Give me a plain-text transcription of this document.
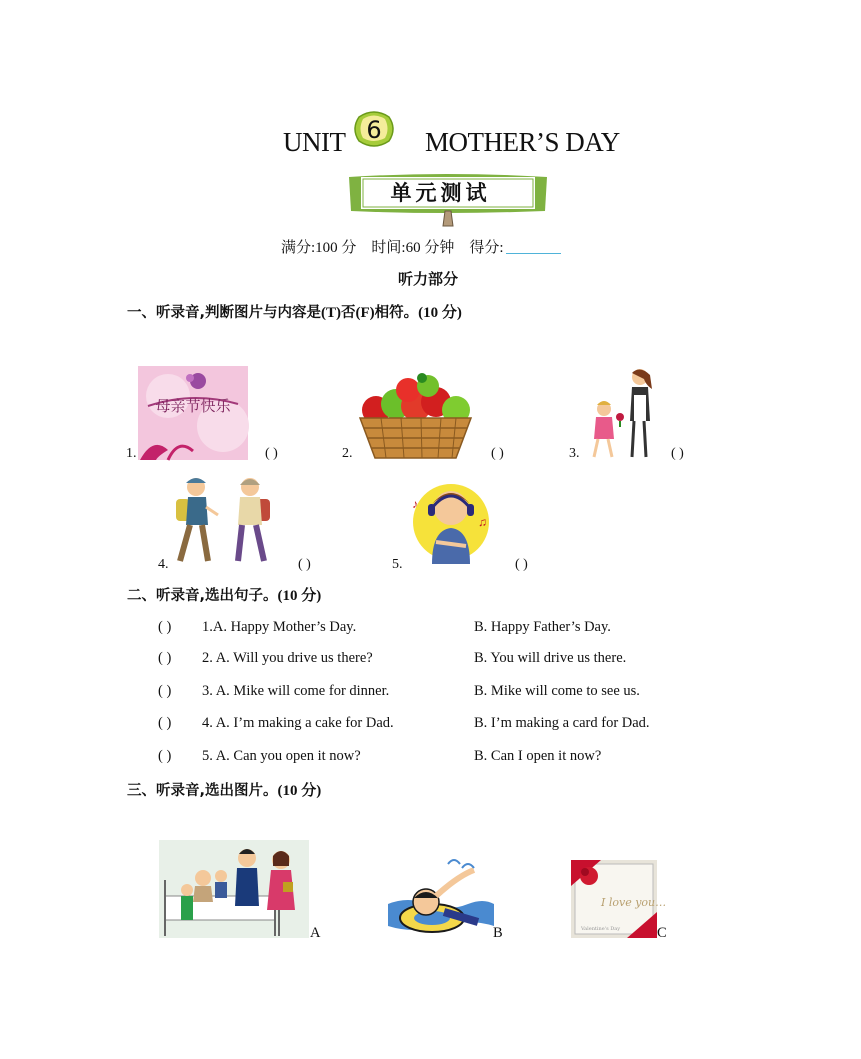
UNIT 6 MOTHER’S DAY
单元测试
满分:100 分    时间:60 分钟    得分:
听力部分
一、听录音,判断图片与内容是(T)否(F)相符。(10 分)
1.
母亲节快乐
( )	2.	( )	3.	( )
4.	( )	5.
♪
♫
( )
二、听录音,选出句子。(10 分)
( ) 1.A. Happy Mother’s Day.	B. Happy Father’s Day.
( ) 2. A. Will you drive us there?	B. You will drive us there.
( ) 3. A. Mike will come for dinner.	B. Mike will come to see us.
( ) 4. A. I’m making a cake for Dad.	B. I’m making a card for Dad.
( ) 5. A. Can you open it now?	B. Can I open it now?
三、听录音,选出图片。(10 分)
A	B
I love you…
Valentine's Day	C
